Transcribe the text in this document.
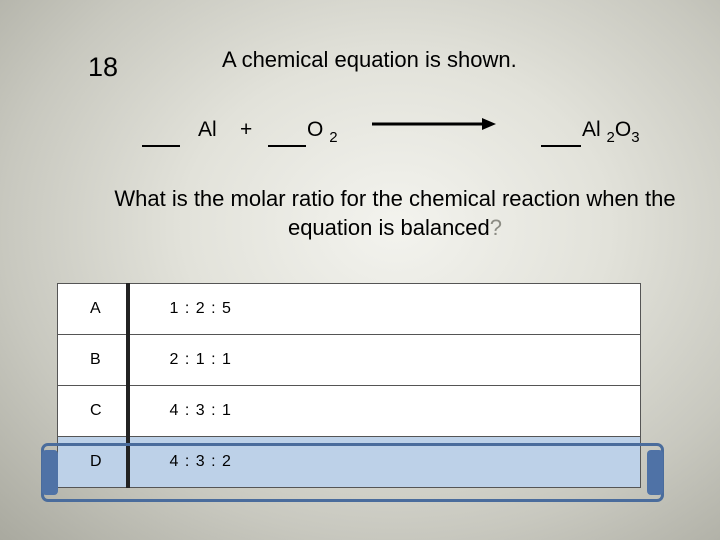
18	A chemical equation is shown.
Al +	O $_2$	Al $_2O_3$
What is the molar ratio for the chemical reaction when the equation is balanced?
A	1 : 2 : 5
B	2 : 1 : 1
C	4 : 3 : 1
D	4 : 3 : 2
